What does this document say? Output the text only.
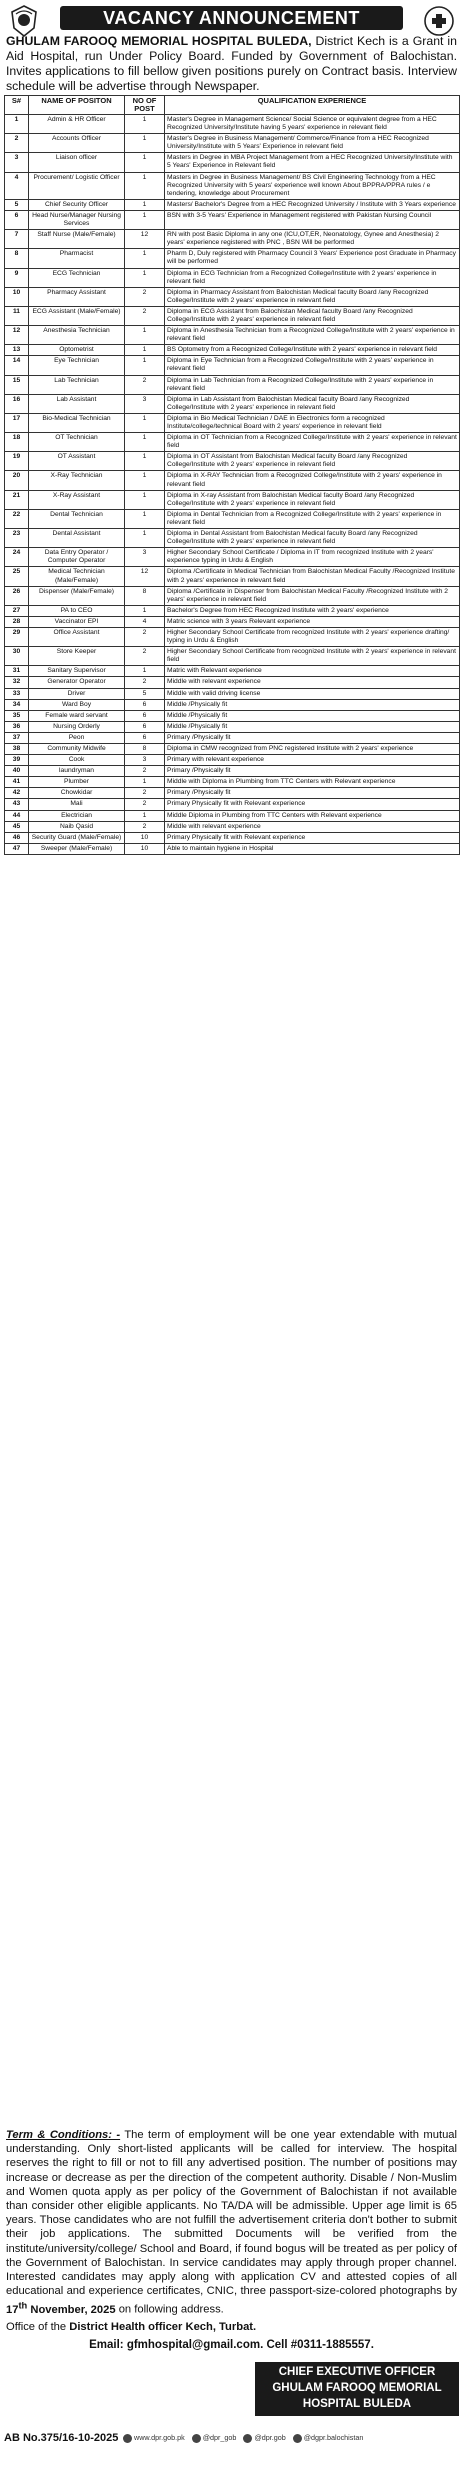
VACANCY ANNOUNCEMENT
GHULAM FAROOQ MEMORIAL HOSPITAL BULEDA, District Kech is a Grant in Aid Hospital, run Under Policy Board. Funded by Government of Balochistan. Invites applications to fill bellow given positions purely on Contract basis. Interview schedule will be advertise through Newspaper.
S#	NAME OF POSITON	NO OF POST	QUALIFICATION EXPERIENCE
1	Admin & HR Officer	1	Master's Degree in Management Science/ Social Science or equivalent degree from a HEC Recognized University/Institute having 5 years' experience in relevant field
2	Accounts Officer	1	Master's Degree in Business Management/ Commerce/Finance from a HEC Recognized University/Institute with 5 Years' Experience in relevant field
3	Liaison officer	1	Masters in Degree in MBA Project Management from a HEC Recognized University/Institute with 5 Years' Experience in Relevant field
4	Procurement/ Logistic Officer	1	Masters in Degree in Business Management/ BS Civil Engineering Technology from a HEC Recognized University with 5 years' experience well known About BPPRA/PPRA rules / e tendering, knowledge about Procurement
5	Chief Security Officer	1	Masters/ Bachelor's Degree from a HEC Recognized University / Institute with 3 Years experience
6	Head Nurse/Manager Nursing Services	1	BSN with 3-5 Years' Experience in Management registered with Pakistan Nursing Council
7	Staff Nurse (Male/Female)	12	RN with post Basic Diploma in any one (ICU,OT,ER, Neonatology, Gynee and Anesthesia) 2 years' experience registered with PNC , BSN Will be performed
8	Pharmacist	1	Pharm D, Duly registered with Pharmacy Council 3 Years' Experience post Graduate in Pharmacy will be performed
9	ECG Technician	1	Diploma in ECG Technician from a Recognized College/Institute with 2 years' experience in relevant field
10	Pharmacy Assistant	2	Diploma in Pharmacy Assistant from Balochistan Medical faculty Board /any Recognized College/Institute with 2 years' experience in relevant field
11	ECG Assistant (Male/Female)	2	Diploma in ECG Assistant from Balochistan Medical faculty Board /any Recognized College/Institute with 2 years' experience in relevant field
12	Anesthesia Technician	1	Diploma in Anesthesia Technician from a Recognized College/Institute with 2 years' experience in relevant field
13	Optometrist	1	BS Optometry from a Recognized College/Institute with 2 years' experience in relevant field
14	Eye Technician	1	Diploma in Eye Technician from a Recognized College/Institute with 2 years' experience in relevant field
15	Lab Technician	2	Diploma in Lab Technician from a Recognized College/Institute with 2 years' experience in relevant field
16	Lab Assistant	3	Diploma in Lab Assistant from Balochistan Medical faculty Board /any Recognized College/Institute with 2 years' experience in relevant field
17	Bio-Medical Technician	1	Diploma in Bio Medical Technician / DAE in Electronics form a recognized Institute/college/technical Board with 2 years' experience in relevant field
18	OT Technician	1	Diploma in OT Technician from a Recognized College/Institute with 2 years' experience in relevant field
19	OT Assistant	1	Diploma in OT Assistant from Balochistan Medical faculty Board /any Recognized College/Institute with 2 years' experience in relevant field
20	X-Ray Technician	1	Diploma in X-RAY Technician from a Recognized College/Institute with 2 years' experience in relevant field
21	X-Ray Assistant	1	Diploma in X-ray Assistant from Balochistan Medical faculty Board /any Recognized College/Institute with 2 years' experience in relevant field
22	Dental Technician	1	Diploma in Dental Technician from a Recognized College/Institute with 2 years' experience in relevant field
23	Dental Assistant	1	Diploma in Dental Assistant from Balochistan Medical faculty Board /any Recognized College/Institute with 2 years' experience in relevant field
24	Data Entry Operator / Computer Operator	3	Higher Secondary School Certificate / Diploma in IT from recognized Institute with 2 years' experience typing in Urdu & English
25	Medical Technician (Male/Female)	12	Diploma /Certificate in Medical Technician from Balochistan Medical Faculty /Recognized Institute with 2 years' experience in relevant field
26	Dispenser (Male/Female)	8	Diploma /Certificate in Dispenser from Balochistan Medical Faculty /Recognized Institute with 2 years' experience in relevant field
27	PA to CEO	1	Bachelor's Degree from HEC Recognized Institute with 2 years' experience
28	Vaccinator EPI	4	Matric science with 3 years Relevant experience
29	Office Assistant	2	Higher Secondary School Certificate from recognized Institute with 2 years' experience drafting/ typing in Urdu & English
30	Store Keeper	2	Higher Secondary School Certificate from recognized Institute with 2 years' experience in relevant field
31	Sanitary Supervisor	1	Matric with Relevant experience
32	Generator Operator	2	Middle with relevant experience
33	Driver	5	Middle with valid driving license
34	Ward Boy	6	Middle /Physically fit
35	Female ward servant	6	Middle /Physically fit
36	Nursing Orderly	6	Middle /Physically fit
37	Peon	6	Primary /Physically fit
38	Community Midwife	8	Diploma in CMW recognized from PNC registered Institute with 2 years' experience
39	Cook	3	Primary with relevant experience
40	laundryman	2	Primary /Physically fit
41	Plumber	1	Middle with Diploma in Plumbing from TTC Centers with Relevant experience
42	Chowkidar	2	Primary /Physically fit
43	Mali	2	Primary Physically fit with Relevant experience
44	Electrician	1	Middle Diploma in Plumbing from TTC Centers with Relevant experience
45	Naib Qasid	2	Middle with relevant experience
46	Security Guard (Male/Female)	10	Primary Physically fit with Relevant experience
47	Sweeper (Male/Female)	10	Able to maintain hygiene in Hospital
Term & Conditions: - The term of employment will be one year extendable with mutual understanding. Only short-listed applicants will be called for interview. The hospital reserves the right to fill or not to fill any advertised position. The number of positions may increase or decrease as per the direction of the competent authority. Disable / Non-Muslim and Women quota apply as per policy of the Government of Balochistan if not available than consider other eligible applicants. No TA/DA will be admissible. Upper age limit is 65 years. Those candidates who are not fulfill the advertisement criteria don't bother to submit their job applications. The submitted Documents will be verified from the institute/university/college/ School and Board, if found bogus will be treated as per policy of the Government of Balochistan. In service candidates may apply through proper channel. Interested candidates may apply along with application CV and attested copies of all educational and experience certificates, CNIC, three passport-size-colored photographs by 17th November, 2025 on following address.
Office of the District Health officer Kech, Turbat.
Email: gfmhospital@gmail.com. Cell #0311-1885557.
CHIEF EXECUTIVE OFFICER
GHULAM FAROOQ MEMORIAL
HOSPITAL BULEDA
AB No.375/16-10-2025	www.dpr.gob.pk	@dpr_gob	@dpr.gob	@dgpr.balochistan
